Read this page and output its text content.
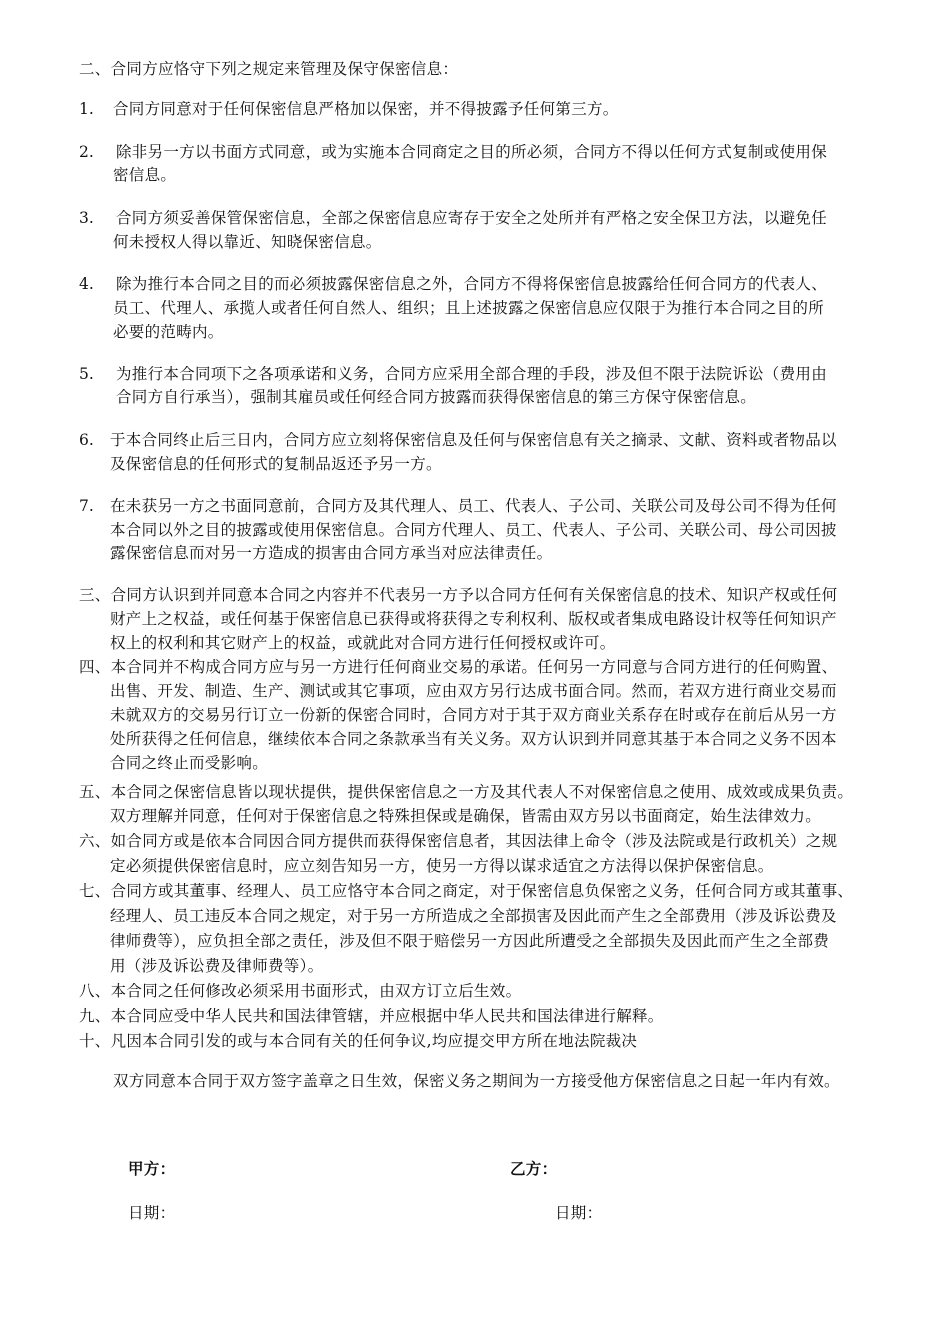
二、合同方应恪守下列之规定来管理及保守保密信息：
1. 合同方同意对于任何保密信息严格加以保密，并不得披露予任何第三方。
2. 除非另一方以书面方式同意，或为实施本合同商定之目的所必须，合同方不得以任何方式复制或使用保
密信息。
3. 合同方须妥善保管保密信息，全部之保密信息应寄存于安全之处所并有严格之安全保卫方法，以避免任
何未授权人得以靠近、知晓保密信息。
4. 除为推行本合同之目的而必须披露保密信息之外，合同方不得将保密信息披露给任何合同方的代表人、
员工、代理人、承揽人或者任何自然人、组织；且上述披露之保密信息应仅限于为推行本合同之目的所
必要的范畴内。
5. 为推行本合同项下之各项承诺和义务，合同方应采用全部合理的手段，涉及但不限于法院诉讼（费用由
合同方自行承当），强制其雇员或任何经合同方披露而获得保密信息的第三方保守保密信息。
6. 于本合同终止后三日内，合同方应立刻将保密信息及任何与保密信息有关之摘录、文献、资料或者物品以
及保密信息的任何形式的复制品返还予另一方。
7. 在未获另一方之书面同意前，合同方及其代理人、员工、代表人、子公司、关联公司及母公司不得为任何
本合同以外之目的披露或使用保密信息。合同方代理人、员工、代表人、子公司、关联公司、母公司因披
露保密信息而对另一方造成的损害由合同方承当对应法律责任。
三、合同方认识到并同意本合同之内容并不代表另一方予以合同方任何有关保密信息的技术、知识产权或任何
财产上之权益，或任何基于保密信息已获得或将获得之专利权利、版权或者集成电路设计权等任何知识产
权上的权利和其它财产上的权益，或就此对合同方进行任何授权或许可。
四、本合同并不构成合同方应与另一方进行任何商业交易的承诺。任何另一方同意与合同方进行的任何购置、
出售、开发、制造、生产、测试或其它事项，应由双方另行达成书面合同。然而，若双方进行商业交易而
未就双方的交易另行订立一份新的保密合同时，合同方对于其于双方商业关系存在时或存在前后从另一方
处所获得之任何信息，继续依本合同之条款承当有关义务。双方认识到并同意其基于本合同之义务不因本
合同之终止而受影响。
五、本合同之保密信息皆以现状提供，提供保密信息之一方及其代表人不对保密信息之使用、成效或成果负责。
双方理解并同意，任何对于保密信息之特殊担保或是确保，皆需由双方另以书面商定，始生法律效力。
六、如合同方或是依本合同因合同方提供而获得保密信息者，其因法律上命令（涉及法院或是行政机关）之规
定必须提供保密信息时，应立刻告知另一方，使另一方得以谋求适宜之方法得以保护保密信息。
七、合同方或其董事、经理人、员工应恪守本合同之商定，对于保密信息负保密之义务，任何合同方或其董事、
经理人、员工违反本合同之规定，对于另一方所造成之全部损害及因此而产生之全部费用（涉及诉讼费及
律师费等），应负担全部之责任，涉及但不限于赔偿另一方因此所遭受之全部损失及因此而产生之全部费
用（涉及诉讼费及律师费等）。
八、本合同之任何修改必须采用书面形式，由双方订立后生效。
九、本合同应受中华人民共和国法律管辖，并应根据中华人民共和国法律进行解释。
十、凡因本合同引发的或与本合同有关的任何争议,均应提交甲方所在地法院裁决
双方同意本合同于双方签字盖章之日生效，保密义务之期间为一方接受他方保密信息之日起一年内有效。
甲方：	乙方：
日期：	日期：
